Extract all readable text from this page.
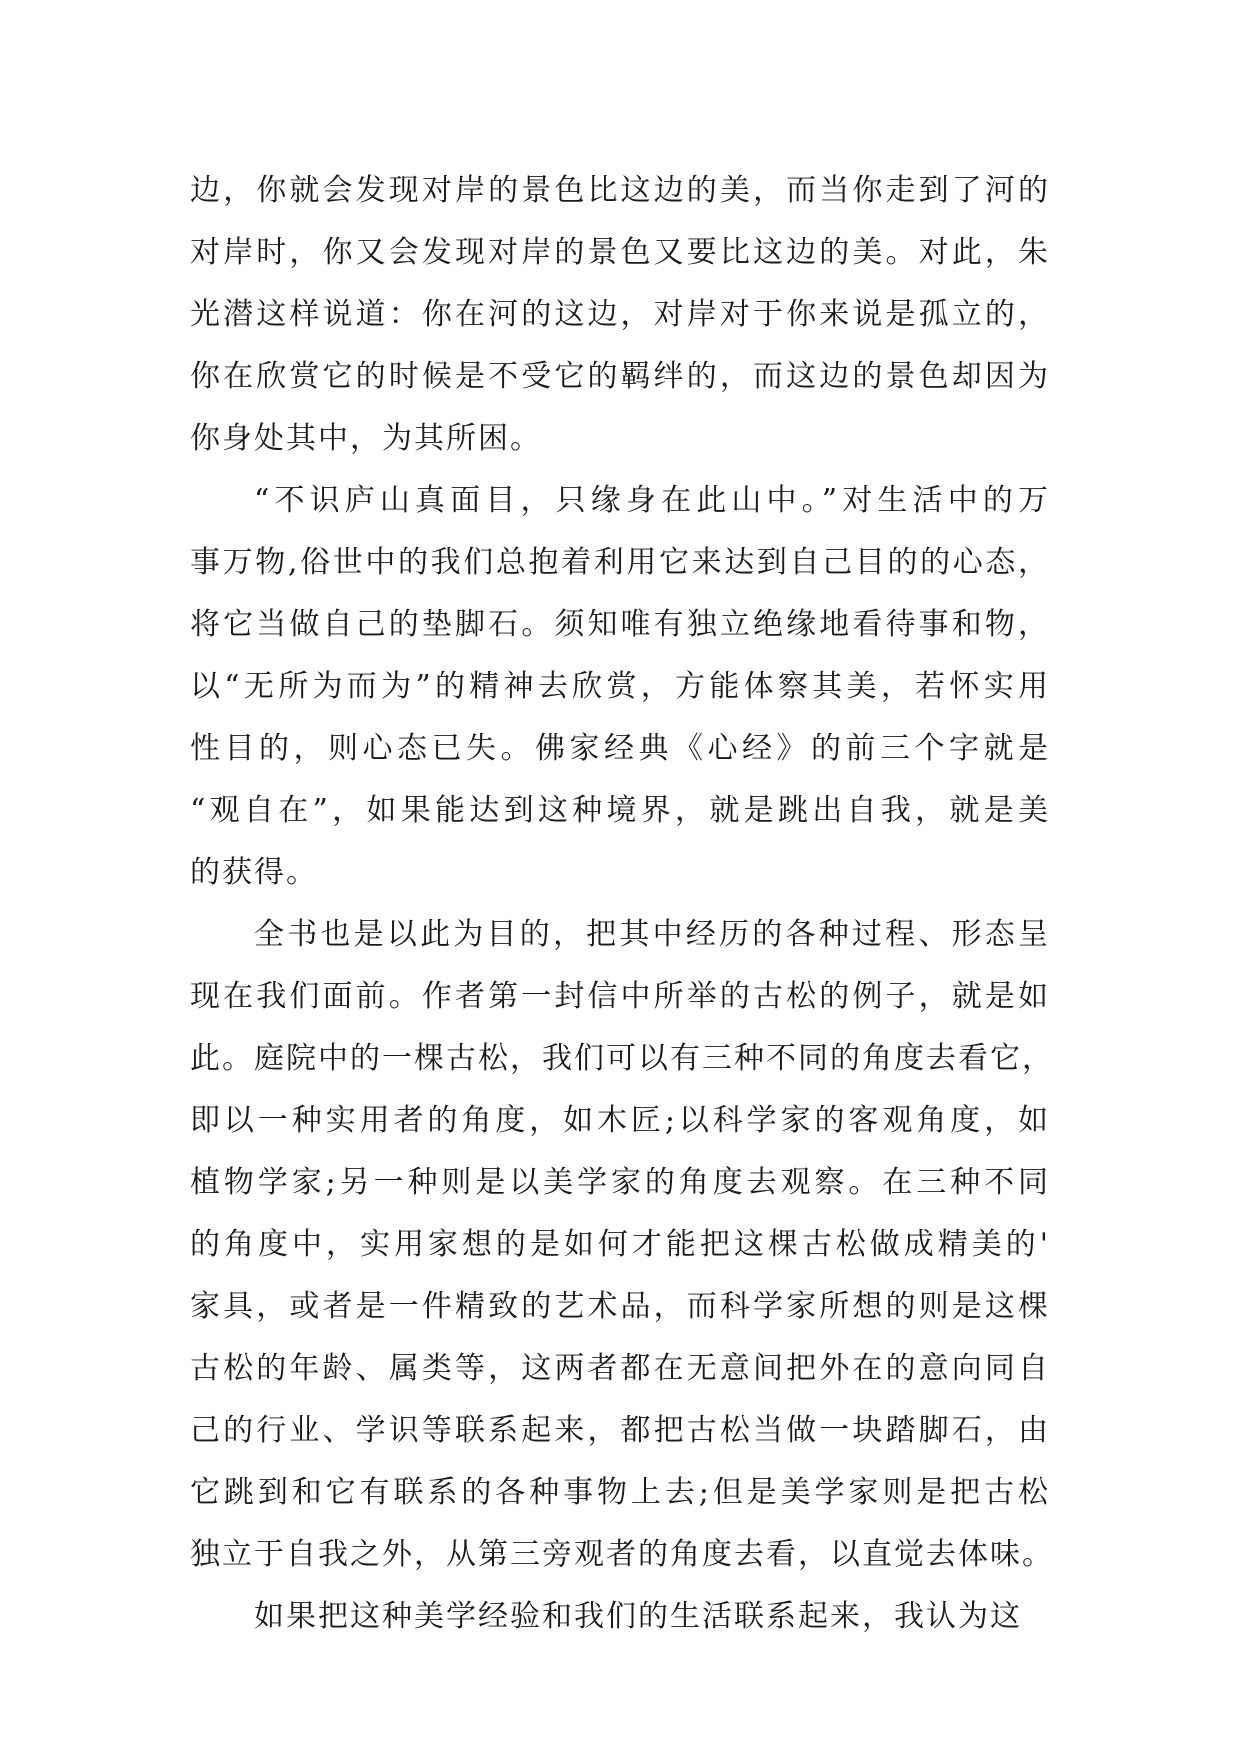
边，你就会发现对岸的景色比这边的美，而当你走到了河的
对岸时，你又会发现对岸的景色又要比这边的美。对此，朱
光潜这样说道：你在河的这边，对岸对于你来说是孤立的，
你在欣赏它的时候是不受它的羁绊的，而这边的景色却因为
你身处其中，为其所困。
“不识庐山真面目，只缘身在此山中。”对生活中的万
事万物,俗世中的我们总抱着利用它来达到自己目的的心态，
将它当做自己的垫脚石。须知唯有独立绝缘地看待事和物，
以“无所为而为”的精神去欣赏，方能体察其美，若怀实用
性目的，则心态已失。佛家经典《心经》的前三个字就是
“观自在”，如果能达到这种境界，就是跳出自我，就是美
的获得。
全书也是以此为目的，把其中经历的各种过程、形态呈
现在我们面前。作者第一封信中所举的古松的例子，就是如
此。庭院中的一棵古松，我们可以有三种不同的角度去看它，
即以一种实用者的角度，如木匠;以科学家的客观角度，如
植物学家;另一种则是以美学家的角度去观察。在三种不同
的角度中，实用家想的是如何才能把这棵古松做成精美的'
家具，或者是一件精致的艺术品，而科学家所想的则是这棵
古松的年龄、属类等，这两者都在无意间把外在的意向同自
己的行业、学识等联系起来，都把古松当做一块踏脚石，由
它跳到和它有联系的各种事物上去;但是美学家则是把古松
独立于自我之外，从第三旁观者的角度去看，以直觉去体味。
如果把这种美学经验和我们的生活联系起来，我认为这
